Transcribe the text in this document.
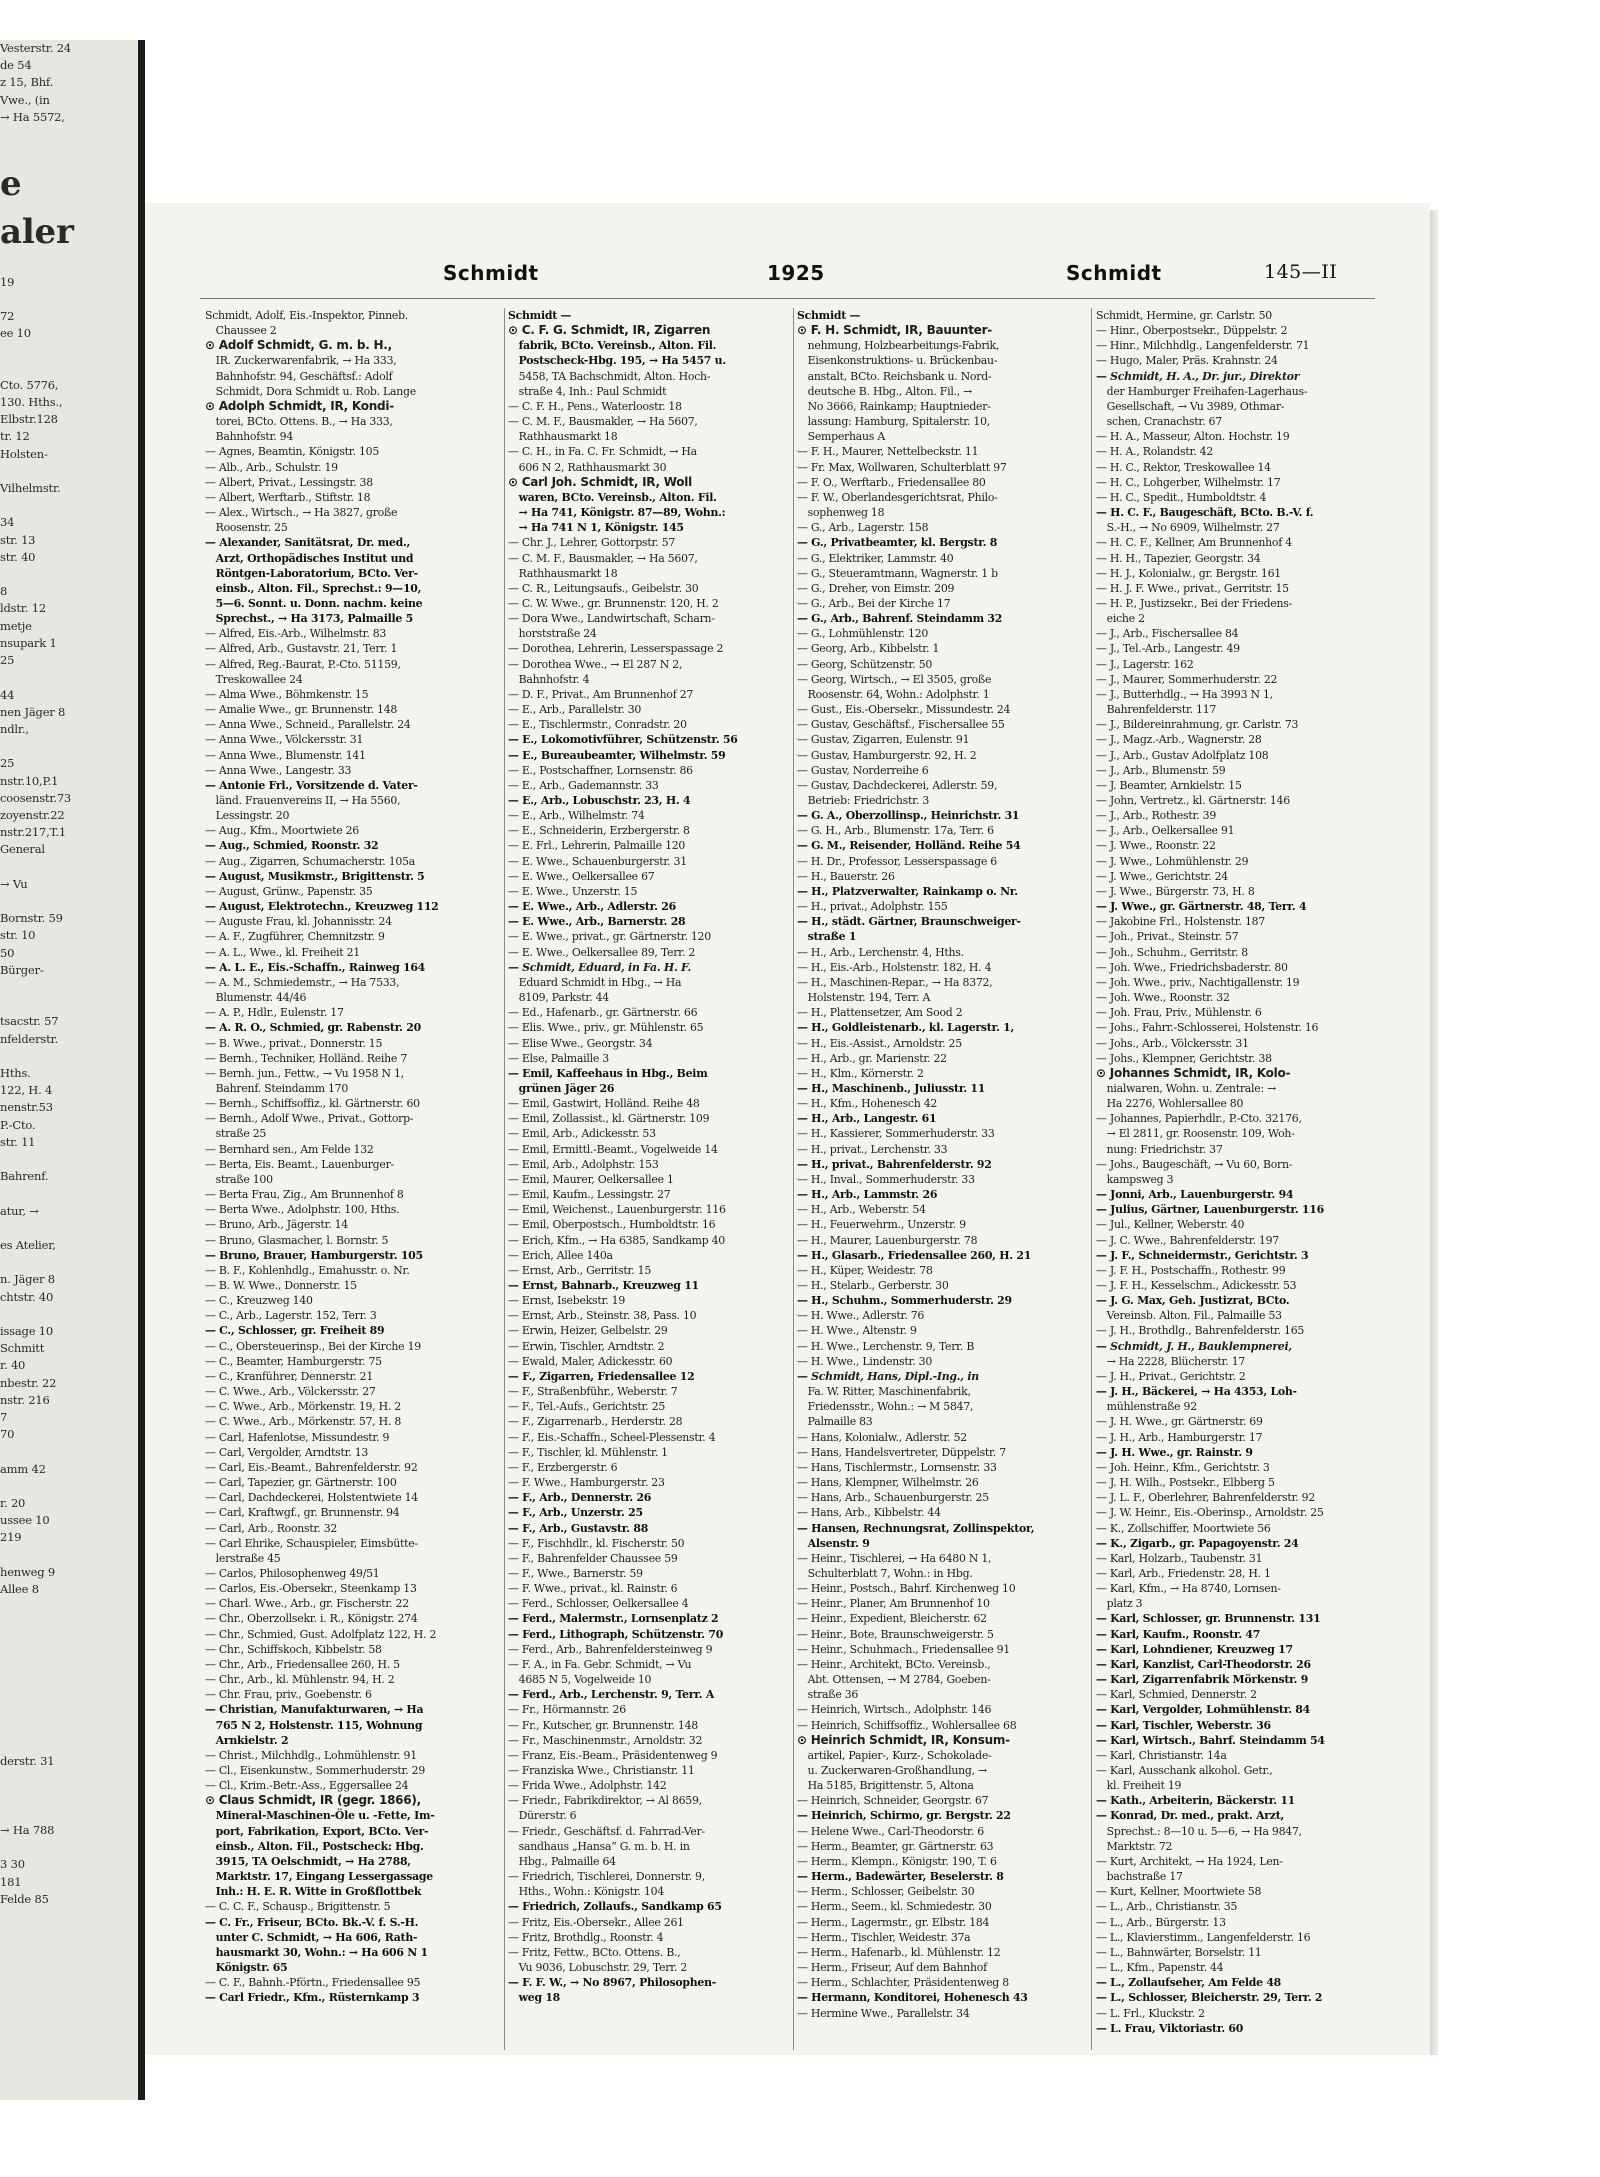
Vesterstr. 24
de 54
z 15, Bhf.
Vwe., (in
→ Ha 5572,

e
aler

19

72
ee 10

Cto. 5776,
130. Hths.,
Elbstr.128
tr. 12
Holsten-

Vilhelmstr.

34
str. 13
str. 40

8
ldstr. 12
metje
nsupark 1
25

44
nen Jäger 8
ndlr.,

25
nstr.10,P.1
coosenstr.73
zoyenstr.22
nstr.217,T.1
General

→ Vu

Bornstr. 59
str. 10
50
Bürger-

tsacstr. 57
nfelderstr.

Hths.
122, H. 4
nenstr.53
P.-Cto.
str. 11

Bahrenf.

atur, →

es Atelier,

n. Jäger 8
chtstr. 40

issage 10
Schmitt
r. 40
nbestr. 22
nstr. 216
7
70

amm 42

r. 20
ussee 10
219

henweg 9
Allee 8

derstr. 31

→ Ha 788

3 30
181
Felde 85
Schmidt	1925	Schmidt	145—II
Schmidt, Adolf, Eis.-Inspektor, Pinneb.
 Chaussee 2
⊙ Adolf Schmidt, G. m. b. H.,
 IR. Zuckerwarenfabrik, → Ha 333,
 Bahnhofstr. 94, Geschäftsf.: Adolf
 Schmidt, Dora Schmidt u. Rob. Lange
⊙ Adolph Schmidt, IR, Kondi-
 torei, BCto. Ottens. B., → Ha 333,
 Bahnhofstr. 94
— Agnes, Beamtin, Königstr. 105
— Alb., Arb., Schulstr. 19
— Albert, Privat., Lessingstr. 38
— Albert, Werftarb., Stiftstr. 18
— Alex., Wirtsch., → Ha 3827, große
 Roosenstr. 25
— Alexander, Sanitätsrat, Dr. med.,
 Arzt, Orthopädisches Institut und
 Röntgen-Laboratorium, BCto. Ver-
 einsb., Alton. Fil., Sprechst.: 9—10,
 5—6. Sonnt. u. Donn. nachm. keine
 Sprechst., → Ha 3173, Palmaille 5
— Alfred, Eis.-Arb., Wilhelmstr. 83
— Alfred, Arb., Gustavstr. 21, Terr. 1
— Alfred, Reg.-Baurat, P.-Cto. 51159,
 Treskowallee 24
— Alma Wwe., Böhmkenstr. 15
— Amalie Wwe., gr. Brunnenstr. 148
— Anna Wwe., Schneid., Parallelstr. 24
— Anna Wwe., Völckersstr. 31
— Anna Wwe., Blumenstr. 141
— Anna Wwe., Langestr. 33
— Antonie Frl., Vorsitzende d. Vater-
 länd. Frauenvereins II, → Ha 5560,
 Lessingstr. 20
— Aug., Kfm., Moortwiete 26
— Aug., Schmied, Roonstr. 32
— Aug., Zigarren, Schumacherstr. 105a
— August, Musikmstr., Brigittenstr. 5
— August, Grünw., Papenstr. 35
— August, Elektrotechn., Kreuzweg 112
— Auguste Frau, kl. Johannisstr. 24
— A. F., Zugführer, Chemnitzstr. 9
— A. L., Wwe., kl. Freiheit 21
— A. L. E., Eis.-Schaffn., Rainweg 164
— A. M., Schmiedemstr., → Ha 7533,
 Blumenstr. 44/46
— A. P., Hdlr., Eulenstr. 17
— A. R. O., Schmied, gr. Rabenstr. 20
— B. Wwe., privat., Donnerstr. 15
— Bernh., Techniker, Holländ. Reihe 7
— Bernh. jun., Fettw., → Vu 1958 N 1,
 Bahrenf. Steindamm 170
— Bernh., Schiffsoffiz., kl. Gärtnerstr. 60
— Bernh., Adolf Wwe., Privat., Gottorp-
 straße 25
— Bernhard sen., Am Felde 132
— Berta, Eis. Beamt., Lauenburger-
 straße 100
— Berta Frau, Zig., Am Brunnenhof 8
— Berta Wwe., Adolphstr. 100, Hths.
— Bruno, Arb., Jägerstr. 14
— Bruno, Glasmacher, l. Bornstr. 5
— Bruno, Brauer, Hamburgerstr. 105
— B. F., Kohlenhdlg., Emahusstr. o. Nr.
— B. W. Wwe., Donnerstr. 15
— C., Kreuzweg 140
— C., Arb., Lagerstr. 152, Terr. 3
— C., Schlosser, gr. Freiheit 89
— C., Obersteuerinsp., Bei der Kirche 19
— C., Beamter, Hamburgerstr. 75
— C., Kranführer, Dennerstr. 21
— C. Wwe., Arb., Völckersstr. 27
— C. Wwe., Arb., Mörkenstr. 19, H. 2
— C. Wwe., Arb., Mörkenstr. 57, H. 8
— Carl, Hafenlotse, Missundestr. 9
— Carl, Vergolder, Arndtstr. 13
— Carl, Eis.-Beamt., Bahrenfelderstr. 92
— Carl, Tapezier, gr. Gärtnerstr. 100
— Carl, Dachdeckerei, Holstentwiete 14
— Carl, Kraftwgf., gr. Brunnenstr. 94
— Carl, Arb., Roonstr. 32
— Carl Ehrike, Schauspieler, Eimsbütte-
 lerstraße 45
— Carlos, Philosophenweg 49/51
— Carlos, Eis.-Obersekr., Steenkamp 13
— Charl. Wwe., Arb., gr. Fischerstr. 22
— Chr., Oberzollsekr. i. R., Königstr. 274
— Chr., Schmied, Gust. Adolfplatz 122, H. 2
— Chr., Schiffskoch, Kibbelstr. 58
— Chr., Arb., Friedensallee 260, H. 5
— Chr., Arb., kl. Mühlenstr. 94, H. 2
— Chr. Frau, priv., Goebenstr. 6
— Christian, Manufakturwaren, → Ha
 765 N 2, Holstenstr. 115, Wohnung
 Arnkielstr. 2
— Christ., Milchhdlg., Lohmühlenstr. 91
— Cl., Eisenkunstw., Sommerhuderstr. 29
— Cl., Krim.-Betr.-Ass., Eggersallee 24
⊙ Claus Schmidt, IR (gegr. 1866),
 Mineral-Maschinen-Öle u. -Fette, Im-
 port, Fabrikation, Export, BCto. Ver-
 einsb., Alton. Fil., Postscheck: Hbg.
 3915, TA Oelschmidt, → Ha 2788,
 Marktstr. 17, Eingang Lessergassage
 Inh.: H. E. R. Witte in Großflottbek
— C. C. F., Schausp., Brigittenstr. 5
— C. Fr., Friseur, BCto. Bk.-V. f. S.-H.
 unter C. Schmidt, → Ha 606, Rath-
 hausmarkt 30, Wohn.: → Ha 606 N 1
 Königstr. 65
— C. F., Bahnh.-Pförtn., Friedensallee 95
— Carl Friedr., Kfm., Rüsternkamp 3
Schmidt —
⊙ C. F. G. Schmidt, IR, Zigarren
 fabrik, BCto. Vereinsb., Alton. Fil.
 Postscheck-Hbg. 195, → Ha 5457 u.
 5458, TA Bachschmidt, Alton. Hoch-
 straße 4, Inh.: Paul Schmidt
— C. F. H., Pens., Waterloostr. 18
— C. M. F., Bausmakler, → Ha 5607,
 Rathhausmarkt 18
— C. H., in Fa. C. Fr. Schmidt, → Ha
 606 N 2, Rathhausmarkt 30
⊙ Carl Joh. Schmidt, IR, Woll
 waren, BCto. Vereinsb., Alton. Fil.
 → Ha 741, Königstr. 87—89, Wohn.:
 → Ha 741 N 1, Königstr. 145
— Chr. J., Lehrer, Gottorpstr. 57
— C. M. F., Bausmakler, → Ha 5607,
 Rathhausmarkt 18
— C. R., Leitungsaufs., Geibelstr. 30
— C. W. Wwe., gr. Brunnenstr. 120, H. 2
— Dora Wwe., Landwirtschaft, Scharn-
 horststraße 24
— Dorothea, Lehrerin, Lesserspassage 2
— Dorothea Wwe., → El 287 N 2,
 Bahnhofstr. 4
— D. F., Privat., Am Brunnenhof 27
— E., Arb., Parallelstr. 30
— E., Tischlermstr., Conradstr. 20
— E., Lokomotivführer, Schützenstr. 56
— E., Bureaubeamter, Wilhelmstr. 59
— E., Postschaffner, Lornsenstr. 86
— E., Arb., Gademannstr. 33
— E., Arb., Lobuschstr. 23, H. 4
— E., Arb., Wilhelmstr. 74
— E., Schneiderin, Erzbergerstr. 8
— E. Frl., Lehrerin, Palmaille 120
— E. Wwe., Schauenburgerstr. 31
— E. Wwe., Oelkersallee 67
— E. Wwe., Unzerstr. 15
— E. Wwe., Arb., Adlerstr. 26
— E. Wwe., Arb., Barnerstr. 28
— E. Wwe., privat., gr. Gärtnerstr. 120
— E. Wwe., Oelkersallee 89, Terr. 2
— Schmidt, Eduard, in Fa. H. F.
 Eduard Schmidt in Hbg., → Ha
 8109, Parkstr. 44
— Ed., Hafenarb., gr. Gärtnerstr. 66
— Elis. Wwe., priv., gr. Mühlenstr. 65
— Elise Wwe., Georgstr. 34
— Else, Palmaille 3
— Emil, Kaffeehaus in Hbg., Beim
 grünen Jäger 26
— Emil, Gastwirt, Holländ. Reihe 48
— Emil, Zollassist., kl. Gärtnerstr. 109
— Emil, Arb., Adickesstr. 53
— Emil, Ermittl.-Beamt., Vogelweide 14
— Emil, Arb., Adolphstr. 153
— Emil, Maurer, Oelkersallee 1
— Emil, Kaufm., Lessingstr. 27
— Emil, Weichenst., Lauenburgerstr. 116
— Emil, Oberpostsch., Humboldtstr. 16
— Erich, Kfm., → Ha 6385, Sandkamp 40
— Erich, Allee 140a
— Ernst, Arb., Gerritstr. 15
— Ernst, Bahnarb., Kreuzweg 11
— Ernst, Isebekstr. 19
— Ernst, Arb., Steinstr. 38, Pass. 10
— Erwin, Heizer, Gelbelstr. 29
— Erwin, Tischler, Arndtstr. 2
— Ewald, Maler, Adickesstr. 60
— F., Zigarren, Friedensallee 12
— F., Straßenbführ., Weberstr. 7
— F., Tel.-Aufs., Gerichtstr. 25
— F., Zigarrenarb., Herderstr. 28
— F., Eis.-Schaffn., Scheel-Plessenstr. 4
— F., Tischler, kl. Mühlenstr. 1
— F., Erzbergerstr. 6
— F. Wwe., Hamburgerstr. 23
— F., Arb., Dennerstr. 26
— F., Arb., Unzerstr. 25
— F., Arb., Gustavstr. 88
— F., Fischhdlr., kl. Fischerstr. 50
— F., Bahrenfelder Chaussee 59
— F., Wwe., Barnerstr. 59
— F. Wwe., privat., kl. Rainstr. 6
— Ferd., Schlosser, Oelkersallee 4
— Ferd., Malermstr., Lornsenplatz 2
— Ferd., Lithograph, Schützenstr. 70
— Ferd., Arb., Bahrenfeldersteinweg 9
— F. A., in Fa. Gebr. Schmidt, → Vu
 4685 N 5, Vogelweide 10
— Ferd., Arb., Lerchenstr. 9, Terr. A
— Fr., Hörmannstr. 26
— Fr., Kutscher, gr. Brunnenstr. 148
— Fr., Maschinenmstr., Arnoldstr. 32
— Franz, Eis.-Beam., Präsidentenweg 9
— Franziska Wwe., Christianstr. 11
— Frida Wwe., Adolphstr. 142
— Friedr., Fabrikdirektor, → Al 8659,
 Dürerstr. 6
— Friedr., Geschäftsf. d. Fahrrad-Ver-
 sandhaus „Hansa“ G. m. b. H. in
 Hbg., Palmaille 64
— Friedrich, Tischlerei, Donnerstr. 9,
 Hths., Wohn.: Königstr. 104
— Friedrich, Zollaufs., Sandkamp 65
— Fritz, Eis.-Obersekr., Allee 261
— Fritz, Brothdlg., Roonstr. 4
— Fritz, Fettw., BCto. Ottens. B.,
 Vu 9036, Lobuschstr. 29, Terr. 2
— F. F. W., → No 8967, Philosophen-
 weg 18
Schmidt —
⊙ F. H. Schmidt, IR, Bauunter-
 nehmung, Holzbearbeitungs-Fabrik,
 Eisenkonstruktions- u. Brückenbau-
 anstalt, BCto. Reichsbank u. Nord-
 deutsche B. Hbg., Alton. Fil., →
 No 3666, Rainkamp; Hauptnieder-
 lassung: Hamburg, Spitalerstr. 10,
 Semperhaus A
— F. H., Maurer, Nettelbeckstr. 11
— Fr. Max, Wollwaren, Schulterblatt 97
— F. O., Werftarb., Friedensallee 80
— F. W., Oberlandesgerichtsrat, Philo-
 sophenweg 18
— G., Arb., Lagerstr. 158
— G., Privatbeamter, kl. Bergstr. 8
— G., Elektriker, Lammstr. 40
— G., Steueramtmann, Wagnerstr. 1 b
— G., Dreher, von Eimstr. 209
— G., Arb., Bei der Kirche 17
— G., Arb., Bahrenf. Steindamm 32
— G., Lohmühlenstr. 120
— Georg, Arb., Kibbelstr. 1
— Georg, Schützenstr. 50
— Georg, Wirtsch., → El 3505, große
 Roosenstr. 64, Wohn.: Adolphstr. 1
— Gust., Eis.-Obersekr., Missundestr. 24
— Gustav, Geschäftsf., Fischersallee 55
— Gustav, Zigarren, Eulenstr. 91
— Gustav, Hamburgerstr. 92, H. 2
— Gustav, Norderreihe 6
— Gustav, Dachdeckerei, Adlerstr. 59,
 Betrieb: Friedrichstr. 3
— G. A., Oberzollinsp., Heinrichstr. 31
— G. H., Arb., Blumenstr. 17a, Terr. 6
— G. M., Reisender, Holländ. Reihe 54
— H. Dr., Professor, Lesserspassage 6
— H., Bauerstr. 26
— H., Platzverwalter, Rainkamp o. Nr.
— H., privat., Adolphstr. 155
— H., städt. Gärtner, Braunschweiger-
 straße 1
— H., Arb., Lerchenstr. 4, Hths.
— H., Eis.-Arb., Holstenstr. 182, H. 4
— H., Maschinen-Repar., → Ha 8372,
 Holstenstr. 194, Terr. A
— H., Plattensetzer, Am Sood 2
— H., Goldleistenarb., kl. Lagerstr. 1,
— H., Eis.-Assist., Arnoldstr. 25
— H., Arb., gr. Marienstr. 22
— H., Klm., Körnerstr. 2
— H., Maschinenb., Juliusstr. 11
— H., Kfm., Hohenesch 42
— H., Arb., Langestr. 61
— H., Kassierer, Sommerhuderstr. 33
— H., privat., Lerchenstr. 33
— H., privat., Bahrenfelderstr. 92
— H., Inval., Sommerhuderstr. 33
— H., Arb., Lammstr. 26
— H., Arb., Weberstr. 54
— H., Feuerwehrm., Unzerstr. 9
— H., Maurer, Lauenburgerstr. 78
— H., Glasarb., Friedensallee 260, H. 21
— H., Küper, Weidestr. 78
— H., Stelarb., Gerberstr. 30
— H., Schuhm., Sommerhuderstr. 29
— H. Wwe., Adlerstr. 76
— H. Wwe., Altenstr. 9
— H. Wwe., Lerchenstr. 9, Terr. B
— H. Wwe., Lindenstr. 30
— Schmidt, Hans, Dipl.-Ing., in
 Fa. W. Ritter, Maschinenfabrik,
 Friedensstr., Wohn.: → M 5847,
 Palmaille 83
— Hans, Kolonialw., Adlerstr. 52
— Hans, Handelsvertreter, Düppelstr. 7
— Hans, Tischlermstr., Lornsenstr. 33
— Hans, Klempner, Wilhelmstr. 26
— Hans, Arb., Schauenburgerstr. 25
— Hans, Arb., Kibbelstr. 44
— Hansen, Rechnungsrat, Zollinspektor,
 Alsenstr. 9
— Heinr., Tischlerei, → Ha 6480 N 1,
 Schulterblatt 7, Wohn.: in Hbg.
— Heinr., Postsch., Bahrf. Kirchenweg 10
— Heinr., Planer, Am Brunnenhof 10
— Heinr., Expedient, Bleicherstr. 62
— Heinr., Bote, Braunschweigerstr. 5
— Heinr., Schuhmach., Friedensallee 91
— Heinr., Architekt, BCto. Vereinsb.,
 Abt. Ottensen, → M 2784, Goeben-
 straße 36
— Heinrich, Wirtsch., Adolphstr. 146
— Heinrich, Schiffsoffiz., Wohlersallee 68
⊙ Heinrich Schmidt, IR, Konsum-
 artikel, Papier-, Kurz-, Schokolade-
 u. Zuckerwaren-Großhandlung, →
 Ha 5185, Brigittenstr. 5, Altona
— Heinrich, Schneider, Georgstr. 67
— Heinrich, Schirmo, gr. Bergstr. 22
— Helene Wwe., Carl-Theodorstr. 6
— Herm., Beamter, gr. Gärtnerstr. 63
— Herm., Klempn., Königstr. 190, T. 6
— Herm., Badewärter, Beselerstr. 8
— Herm., Schlosser, Geibelstr. 30
— Herm., Seem., kl. Schmiedestr. 30
— Herm., Lagermstr., gr. Elbstr. 184
— Herm., Tischler, Weidestr. 37a
— Herm., Hafenarb., kl. Mühlenstr. 12
— Herm., Friseur, Auf dem Bahnhof
— Herm., Schlachter, Präsidentenweg 8
— Hermann, Konditorei, Hohenesch 43
— Hermine Wwe., Parallelstr. 34
Schmidt, Hermine, gr. Carlstr. 50
— Hinr., Oberpostsekr., Düppelstr. 2
— Hinr., Milchhdlg., Langenfelderstr. 71
— Hugo, Maler, Präs. Krahnstr. 24
— Schmidt, H. A., Dr. jur., Direktor
 der Hamburger Freihafen-Lagerhaus-
 Gesellschaft, → Vu 3989, Othmar-
 schen, Cranachstr. 67
— H. A., Masseur, Alton. Hochstr. 19
— H. A., Rolandstr. 42
— H. C., Rektor, Treskowallee 14
— H. C., Lohgerber, Wilhelmstr. 17
— H. C., Spedit., Humboldtstr. 4
— H. C. F., Baugeschäft, BCto. B.-V. f.
 S.-H., → No 6909, Wilhelmstr. 27
— H. C. F., Kellner, Am Brunnenhof 4
— H. H., Tapezier, Georgstr. 34
— H. J., Kolonialw., gr. Bergstr. 161
— H. J. F. Wwe., privat., Gerritstr. 15
— H. P., Justizsekr., Bei der Friedens-
 eiche 2
— J., Arb., Fischersallee 84
— J., Tel.-Arb., Langestr. 49
— J., Lagerstr. 162
— J., Maurer, Sommerhuderstr. 22
— J., Butterhdlg., → Ha 3993 N 1,
 Bahrenfelderstr. 117
— J., Bildereinrahmung, gr. Carlstr. 73
— J., Magz.-Arb., Wagnerstr. 28
— J., Arb., Gustav Adolfplatz 108
— J., Arb., Blumenstr. 59
— J. Beamter, Arnkielstr. 15
— John, Vertretz., kl. Gärtnerstr. 146
— J., Arb., Rothestr. 39
— J., Arb., Oelkersallee 91
— J. Wwe., Roonstr. 22
— J. Wwe., Lohmühlenstr. 29
— J. Wwe., Gerichtstr. 24
— J. Wwe., Bürgerstr. 73, H. 8
— J. Wwe., gr. Gärtnerstr. 48, Terr. 4
— Jakobine Frl., Holstenstr. 187
— Joh., Privat., Steinstr. 57
— Joh., Schuhm., Gerritstr. 8
— Joh. Wwe., Friedrichsbaderstr. 80
— Joh. Wwe., priv., Nachtigallenstr. 19
— Joh. Wwe., Roonstr. 32
— Joh. Frau, Priv., Mühlenstr. 6
— Johs., Fahrr.-Schlosserei, Holstenstr. 16
— Johs., Arb., Völckersstr. 31
— Johs., Klempner, Gerichtstr. 38
⊙ Johannes Schmidt, IR, Kolo-
 nialwaren, Wohn. u. Zentrale: →
 Ha 2276, Wohlersallee 80
— Johannes, Papierhdlr., P.-Cto. 32176,
 → El 2811, gr. Roosenstr. 109, Woh-
 nung: Friedrichstr. 37
— Johs., Baugeschäft, → Vu 60, Born-
 kampsweg 3
— Jonni, Arb., Lauenburgerstr. 94
— Julius, Gärtner, Lauenburgerstr. 116
— Jul., Kellner, Weberstr. 40
— J. C. Wwe., Bahrenfelderstr. 197
— J. F., Schneidermstr., Gerichtstr. 3
— J. F. H., Postschaffn., Rothestr. 99
— J. F. H., Kesselschm., Adickesstr. 53
— J. G. Max, Geh. Justizrat, BCto.
 Vereinsb. Alton. Fil., Palmaille 53
— J. H., Brothdlg., Bahrenfelderstr. 165
— Schmidt, J. H., Bauklempnerei,
 → Ha 2228, Blücherstr. 17
— J. H., Privat., Gerichtstr. 2
— J. H., Bäckerei, → Ha 4353, Loh-
 mühlenstraße 92
— J. H. Wwe., gr. Gärtnerstr. 69
— J. H., Arb., Hamburgerstr. 17
— J. H. Wwe., gr. Rainstr. 9
— Joh. Heinr., Kfm., Gerichtstr. 3
— J. H. Wilh., Postsekr., Elbberg 5
— J. L. F., Oberlehrer, Bahrenfelderstr. 92
— J. W. Heinr., Eis.-Oberinsp., Arnoldstr. 25
— K., Zollschiffer, Moortwiete 56
— K., Zigarb., gr. Papagoyenstr. 24
— Karl, Holzarb., Taubenstr. 31
— Karl, Arb., Friedenstr. 28, H. 1
— Karl, Kfm., → Ha 8740, Lornsen-
 platz 3
— Karl, Schlosser, gr. Brunnenstr. 131
— Karl, Kaufm., Roonstr. 47
— Karl, Lohndiener, Kreuzweg 17
— Karl, Kanzlist, Carl-Theodorstr. 26
— Karl, Zigarrenfabrik Mörkenstr. 9
— Karl, Schmied, Dennerstr. 2
— Karl, Vergolder, Lohmühlenstr. 84
— Karl, Tischler, Weberstr. 36
— Karl, Wirtsch., Bahrf. Steindamm 54
— Karl, Christianstr. 14a
— Karl, Ausschank alkohol. Getr.,
 kl. Freiheit 19
— Kath., Arbeiterin, Bäckerstr. 11
— Konrad, Dr. med., prakt. Arzt,
 Sprechst.: 8—10 u. 5—6, → Ha 9847,
 Marktstr. 72
— Kurt, Architekt, → Ha 1924, Len-
 bachstraße 17
— Kurt, Kellner, Moortwiete 58
— L., Arb., Christianstr. 35
— L., Arb., Bürgerstr. 13
— L., Klavierstimm., Langenfelderstr. 16
— L., Bahnwärter, Borselstr. 11
— L., Kfm., Papenstr. 44
— L., Zollaufseher, Am Felde 48
— L., Schlosser, Bleicherstr. 29, Terr. 2
— L. Frl., Kluckstr. 2
— L. Frau, Viktoriastr. 60
